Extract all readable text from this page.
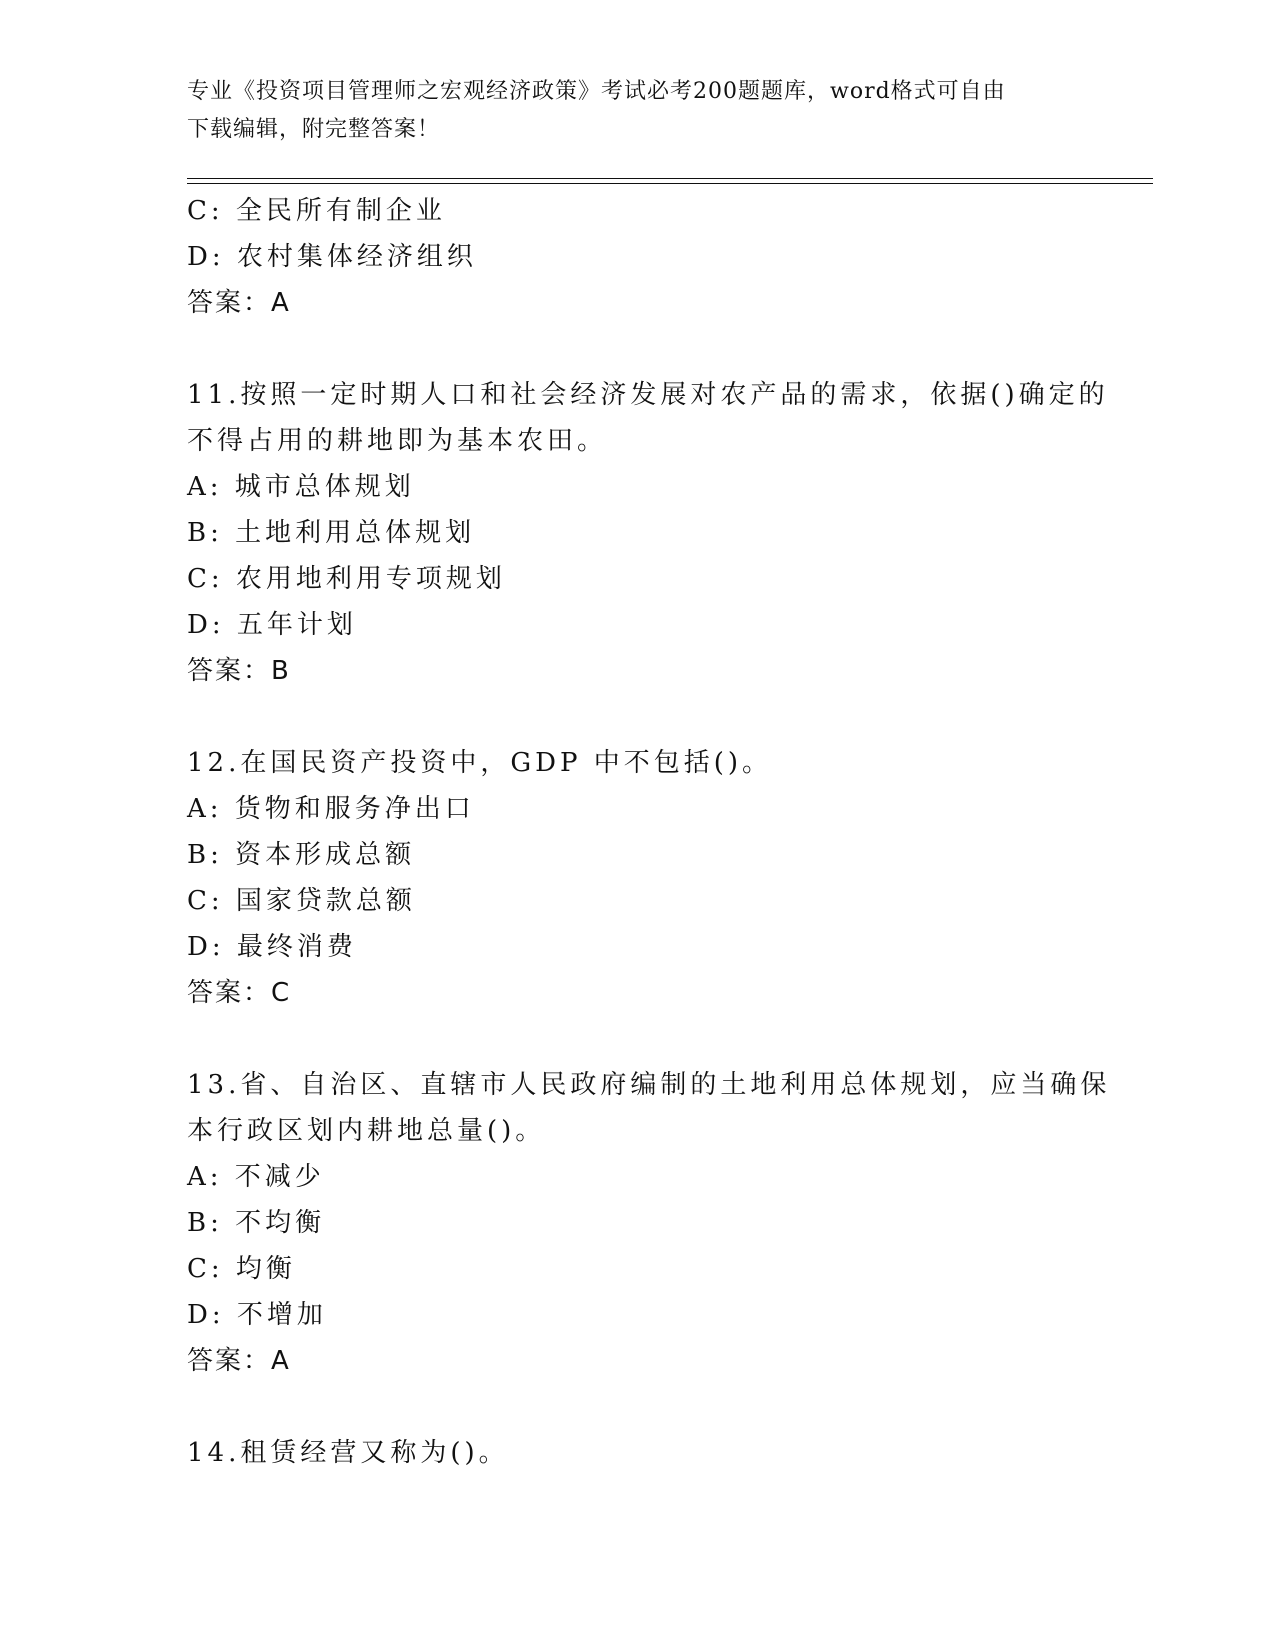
专业《投资项目管理师之宏观经济政策》考试必考200题题库，word格式可自由
下载编辑，附完整答案！
C: 全民所有制企业
D: 农村集体经济组织
答案：A
11.按照一定时期人口和社会经济发展对农产品的需求，依据()确定的
不得占用的耕地即为基本农田。
A: 城市总体规划
B: 土地利用总体规划
C: 农用地利用专项规划
D: 五年计划
答案：B
12.在国民资产投资中，GDP 中不包括()。
A: 货物和服务净出口
B: 资本形成总额
C: 国家贷款总额
D: 最终消费
答案：C
13.省、自治区、直辖市人民政府编制的土地利用总体规划，应当确保
本行政区划内耕地总量()。
A: 不减少
B: 不均衡
C: 均衡
D: 不增加
答案：A
14.租赁经营又称为()。
